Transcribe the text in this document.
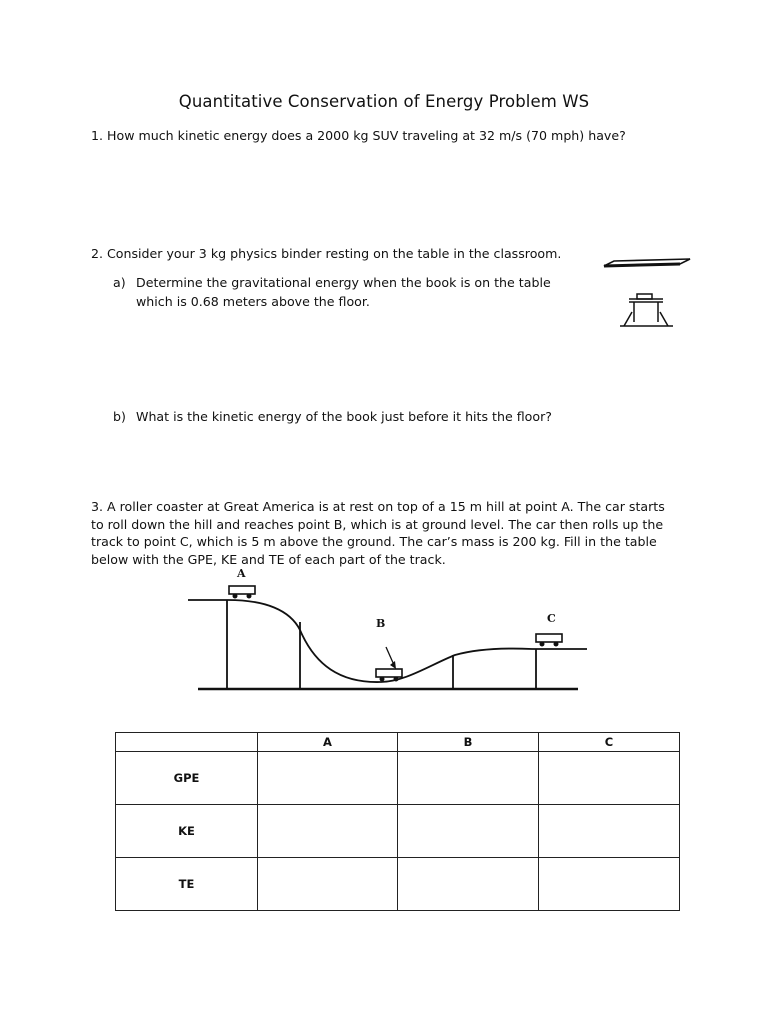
Quantitative Conservation of Energy Problem WS
1. How much kinetic energy does a 2000 kg SUV traveling at 32 m/s (70 mph) have?
2. Consider your 3 kg physics binder resting on the table in the classroom.
a) Determine the gravitational energy when the book is on the table
which is 0.68 meters above the floor.
b) What is the kinetic energy of the book just before it hits the floor?
3. A roller coaster at Great America is at rest on top of a 15 m hill at point A. The car starts to roll down the hill and reaches point B, which is at ground level. The car then rolls up the track to point C, which is 5 m above the ground. The car’s mass is 200 kg. Fill in the table below with the GPE, KE and TE of each part of the track.
A
B	C
	A	B	C
GPE			
KE			
TE			
